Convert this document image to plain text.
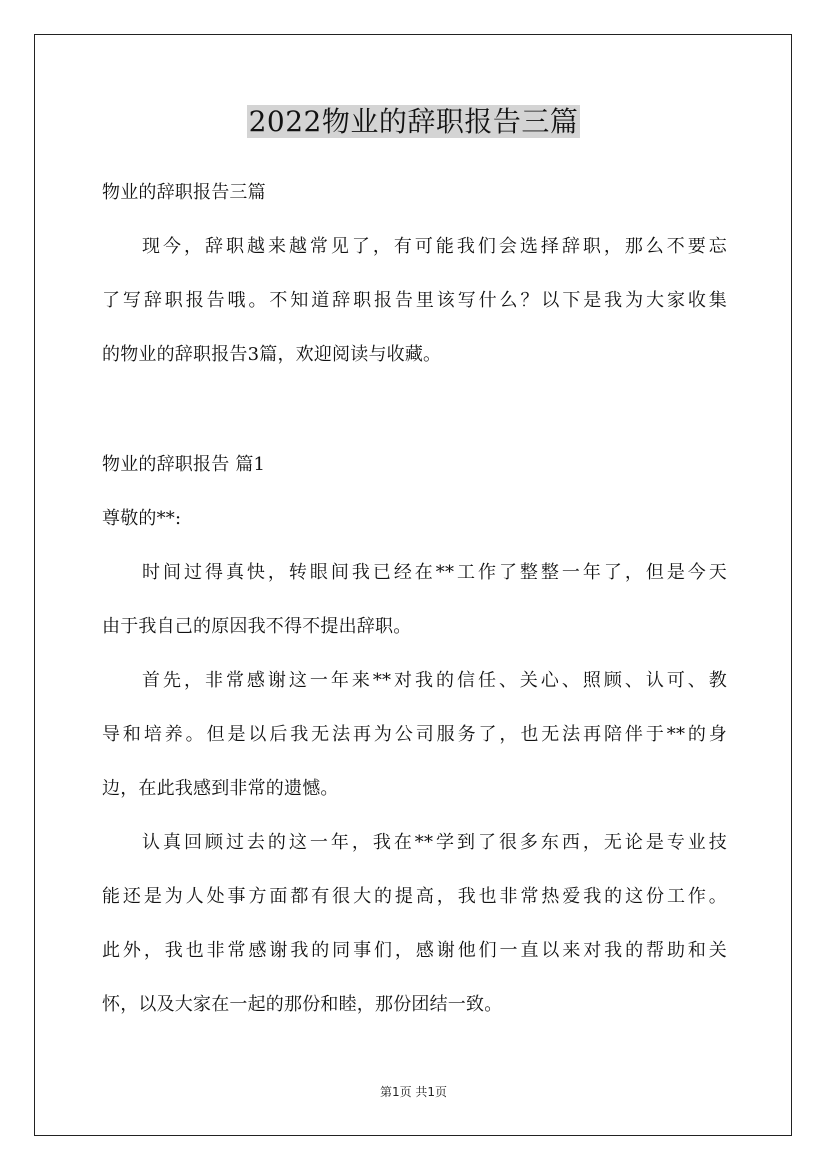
2022物业的辞职报告三篇
物业的辞职报告三篇
现今，辞职越来越常见了，有可能我们会选择辞职，那么不要忘
了写辞职报告哦。不知道辞职报告里该写什么？以下是我为大家收集
的物业的辞职报告3篇，欢迎阅读与收藏。
物业的辞职报告 篇1
尊敬的**:
时间过得真快，转眼间我已经在**工作了整整一年了，但是今天
由于我自己的原因我不得不提出辞职。
首先，非常感谢这一年来**对我的信任、关心、照顾、认可、教
导和培养。但是以后我无法再为公司服务了，也无法再陪伴于**的身
边，在此我感到非常的遗憾。
认真回顾过去的这一年，我在**学到了很多东西，无论是专业技
能还是为人处事方面都有很大的提高，我也非常热爱我的这份工作。
此外，我也非常感谢我的同事们，感谢他们一直以来对我的帮助和关
怀，以及大家在一起的那份和睦，那份团结一致。
第1页 共1页
